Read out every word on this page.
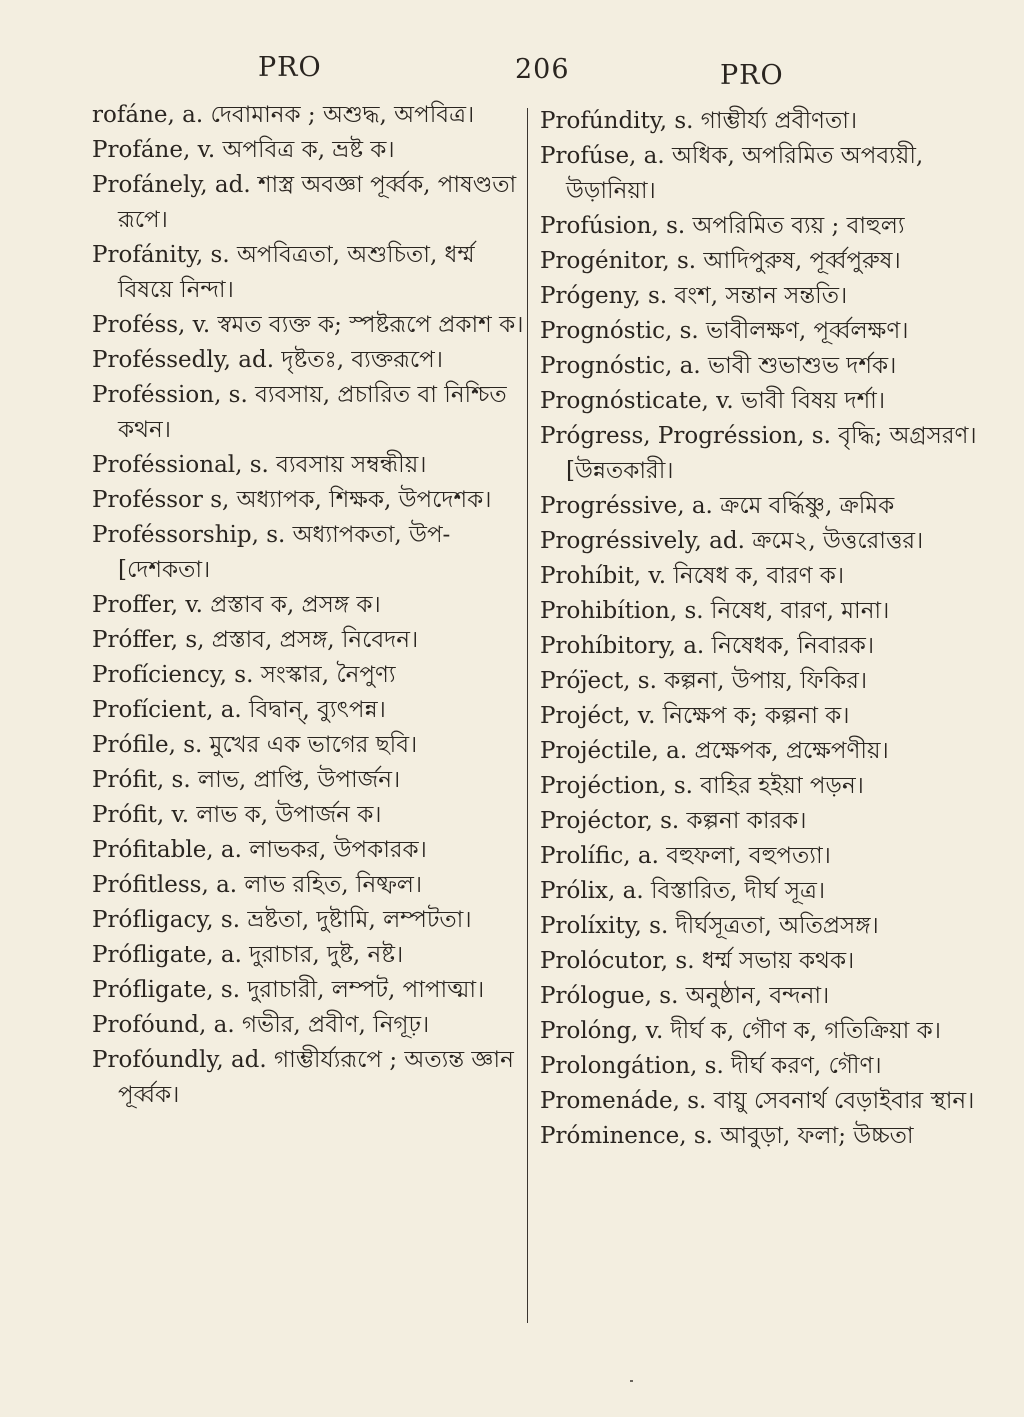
PRO	206	PRO
rofáne, a. দেবামানক ; অশুদ্ধ, অপবিত্র।
Profáne, v. অপবিত্র ক, ভ্রষ্ট ক।
Profánely, ad. শাস্ত্র অবজ্ঞা পূর্ব্বক, পাষণ্ডতা রূপে।
Profánity, s. অপবিত্রতা, অশুচিতা, ধর্ম্ম বিষয়ে নিন্দা।
Proféss, v. স্বমত ব্যক্ত ক; স্পষ্টরূপে প্রকাশ ক।
Proféssedly, ad. দৃষ্টতঃ, ব্যক্তরূপে।
Proféssion, s. ব্যবসায়, প্রচারিত বা নিশ্চিত কথন।
Proféssional, s. ব্যবসায় সম্বন্ধীয়।
Proféssor s, অধ্যাপক, শিক্ষক, উপদেশক।
Proféssorship, s. অধ্যাপকতা, উপ- [দেশকতা।
Proffer, v. প্রস্তাব ক, প্রসঙ্গ ক।
Próffer, s, প্রস্তাব, প্রসঙ্গ, নিবেদন।
Profíciency, s. সংস্কার, নৈপুণ্য
Profícient, a. বিদ্বান্, ব্যুৎপন্ন।
Prófile, s. মুখের এক ভাগের ছবি।
Prófit, s. লাভ, প্রাপ্তি, উপার্জন।
Prófit, v. লাভ ক, উপার্জন ক।
Prófitable, a. লাভকর, উপকারক।
Prófitless, a. লাভ রহিত, নিষ্ফল।
Prófligacy, s. ভ্রষ্টতা, দুষ্টামি, লম্পটতা।
Prófligate, a. দুরাচার, দুষ্ট, নষ্ট।
Prófligate, s. দুরাচারী, লম্পট, পাপাত্মা।
Profóund, a. গভীর, প্রবীণ, নিগূঢ়।
Profóundly, ad. গাম্ভীর্য্যরূপে ; অত্যন্ত জ্ঞান পূর্ব্বক।
Profúndity, s. গাম্ভীর্য্য প্রবীণতা।
Profúse, a. অধিক, অপরিমিত অপব্যয়ী, উড়ানিয়া।
Profúsion, s. অপরিমিত ব্যয় ; বাহুল্য
Progénitor, s. আদিপুরুষ, পূর্ব্বপুরুষ।
Prógeny, s. বংশ, সন্তান সন্ততি।
Prognóstic, s. ভাবীলক্ষণ, পূর্ব্বলক্ষণ।
Prognóstic, a. ভাবী শুভাশুভ দর্শক।
Prognósticate, v. ভাবী বিষয় দর্শা।
Prógress, Progréssion, s. বৃদ্ধি; অগ্রসরণ। [উন্নতকারী।
Progréssive, a. ক্রমে বর্দ্ধিষ্ণু, ক্রমিক
Progréssively, ad. ক্রমে২, উত্তরোত্তর।
Prohíbit, v. নিষেধ ক, বারণ ক।
Prohibítion, s. নিষেধ, বারণ, মানা।
Prohíbitory, a. নিষেধক, নিবারক।
Prój̈ect, s. কল্পনা, উপায়, ফিকির।
Projéct, v. নিক্ষেপ ক; কল্পনা ক।
Projéctile, a. প্রক্ষেপক, প্রক্ষেপণীয়।
Projéction, s. বাহির হইয়া পড়ন।
Projéctor, s. কল্পনা কারক।
Prolífic, a. বহুফলা, বহুপত্যা।
Prólix, a. বিস্তারিত, দীর্ঘ সূত্র।
Prolíxity, s. দীর্ঘসূত্রতা, অতিপ্রসঙ্গ।
Prolócutor, s. ধর্ম্ম সভায় কথক।
Prólogue, s. অনুষ্ঠান, বন্দনা।
Prolóng, v. দীর্ঘ ক, গৌণ ক, গতিক্রিয়া ক।
Prolongátion, s. দীর্ঘ করণ, গৌণ।
Promenáde, s. বায়ু সেবনার্থ বেড়াইবার স্থান।
Próminence, s. আবুড়া, ফলা; উচ্চতা
